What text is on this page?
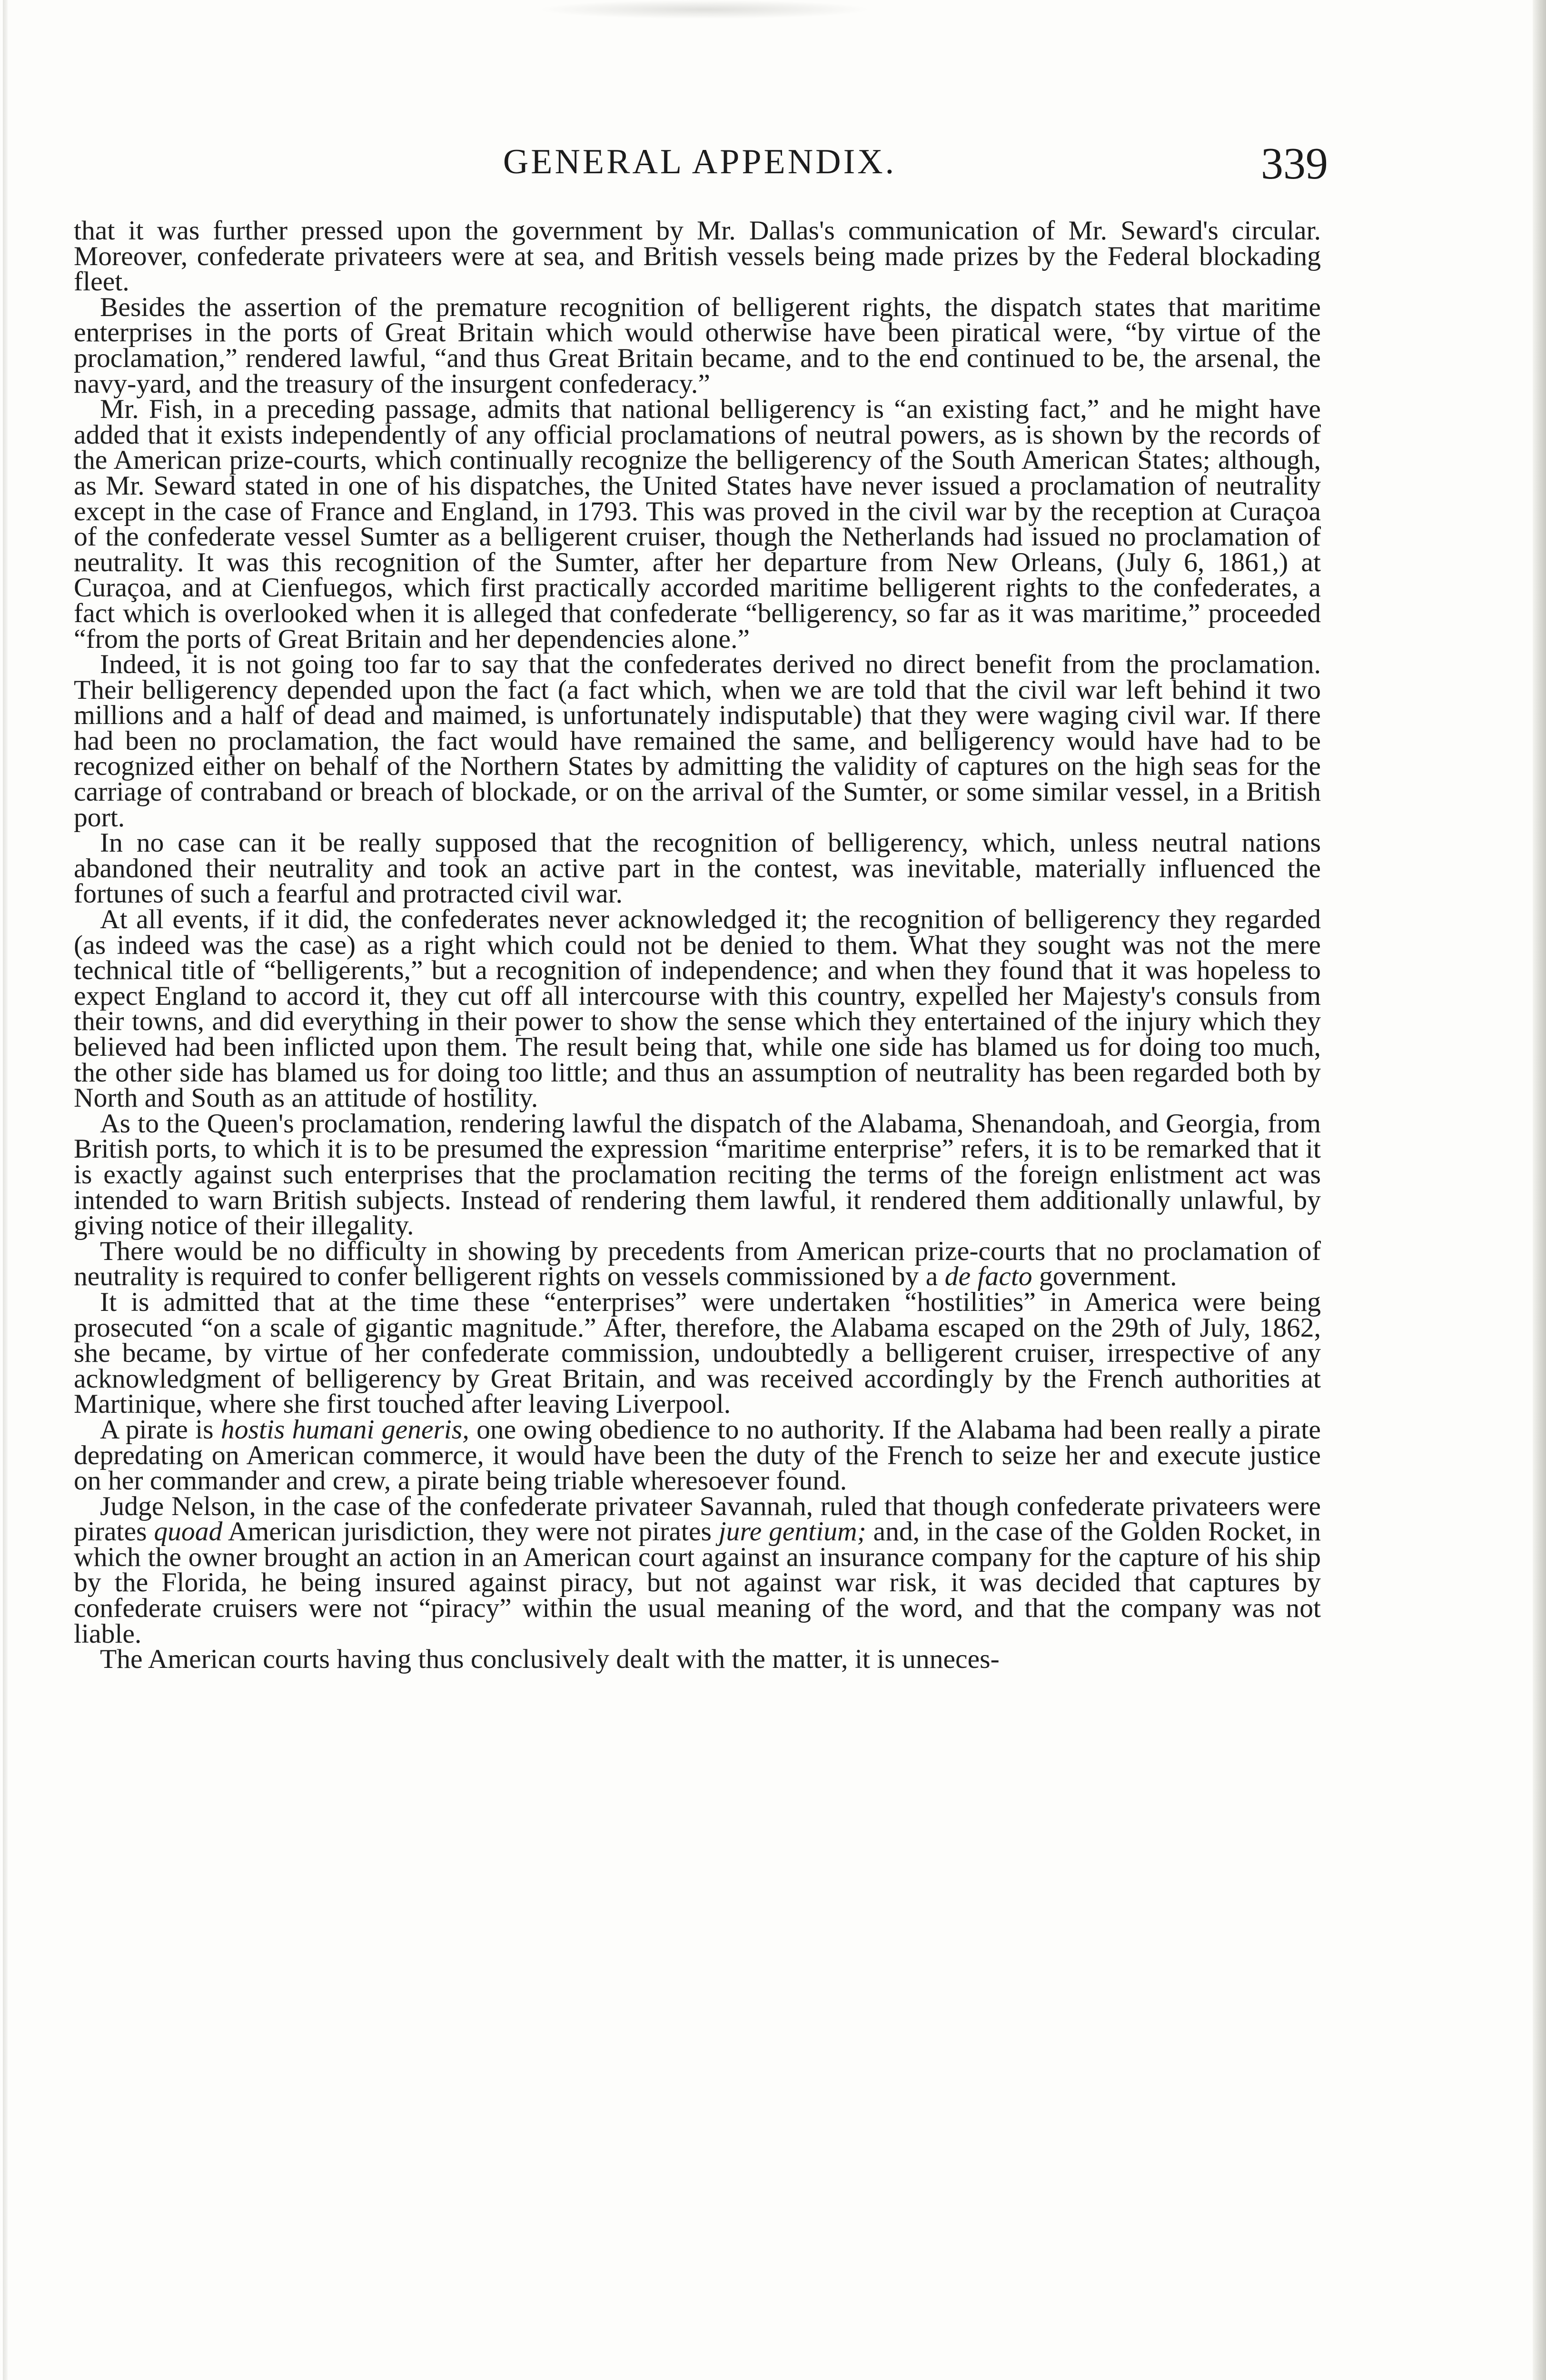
GENERAL APPENDIX.	339

that it was further pressed upon the government by Mr. Dallas's communication of Mr. Seward's circular. Moreover, confederate privateers were at sea, and British vessels being made prizes by the Federal blockading fleet.

Besides the assertion of the premature recognition of belligerent rights, the dispatch states that maritime enterprises in the ports of Great Britain which would otherwise have been piratical were, “by virtue of the proclamation,” rendered lawful, “and thus Great Britain became, and to the end continued to be, the arsenal, the navy-yard, and the treasury of the insurgent confederacy.”

Mr. Fish, in a preceding passage, admits that national belligerency is “an existing fact,” and he might have added that it exists independently of any official proclamations of neutral powers, as is shown by the records of the American prize-courts, which continually recognize the belligerency of the South American States; although, as Mr. Seward stated in one of his dispatches, the United States have never issued a proclamation of neutrality except in the case of France and England, in 1793. This was proved in the civil war by the reception at Curaçoa of the confederate vessel Sumter as a belligerent cruiser, though the Netherlands had issued no proclamation of neutrality. It was this recognition of the Sumter, after her departure from New Orleans, (July 6, 1861,) at Curaçoa, and at Cienfuegos, which first practically accorded maritime belligerent rights to the confederates, a fact which is overlooked when it is alleged that confederate “belligerency, so far as it was maritime,” proceeded “from the ports of Great Britain and her dependencies alone.”

Indeed, it is not going too far to say that the confederates derived no direct benefit from the proclamation. Their belligerency depended upon the fact (a fact which, when we are told that the civil war left behind it two millions and a half of dead and maimed, is unfortunately indisputable) that they were waging civil war. If there had been no proclamation, the fact would have remained the same, and belligerency would have had to be recognized either on behalf of the Northern States by admitting the validity of captures on the high seas for the carriage of contraband or breach of blockade, or on the arrival of the Sumter, or some similar vessel, in a British port.

In no case can it be really supposed that the recognition of belligerency, which, unless neutral nations abandoned their neutrality and took an active part in the contest, was inevitable, materially influenced the fortunes of such a fearful and protracted civil war.

At all events, if it did, the confederates never acknowledged it; the recognition of belligerency they regarded (as indeed was the case) as a right which could not be denied to them. What they sought was not the mere technical title of “belligerents,” but a recognition of independence; and when they found that it was hopeless to expect England to accord it, they cut off all intercourse with this country, expelled her Majesty's consuls from their towns, and did everything in their power to show the sense which they entertained of the injury which they believed had been inflicted upon them. The result being that, while one side has blamed us for doing too much, the other side has blamed us for doing too little; and thus an assumption of neutrality has been regarded both by North and South as an attitude of hostility.

As to the Queen's proclamation, rendering lawful the dispatch of the Alabama, Shenandoah, and Georgia, from British ports, to which it is to be presumed the expression “maritime enterprise” refers, it is to be remarked that it is exactly against such enterprises that the proclamation reciting the terms of the foreign enlistment act was intended to warn British subjects. Instead of rendering them lawful, it rendered them additionally unlawful, by giving notice of their illegality.

There would be no difficulty in showing by precedents from American prize-courts that no proclamation of neutrality is required to confer belligerent rights on vessels commissioned by a de facto government.

It is admitted that at the time these “enterprises” were undertaken “hostilities” in America were being prosecuted “on a scale of gigantic magnitude.” After, therefore, the Alabama escaped on the 29th of July, 1862, she became, by virtue of her confederate commission, undoubtedly a belligerent cruiser, irrespective of any acknowledgment of belligerency by Great Britain, and was received accordingly by the French authorities at Martinique, where she first touched after leaving Liverpool.

A pirate is hostis humani generis, one owing obedience to no authority. If the Alabama had been really a pirate depredating on American commerce, it would have been the duty of the French to seize her and execute justice on her commander and crew, a pirate being triable wheresoever found.

Judge Nelson, in the case of the confederate privateer Savannah, ruled that though confederate privateers were pirates quoad American jurisdiction, they were not pirates jure gentium; and, in the case of the Golden Rocket, in which the owner brought an action in an American court against an insurance company for the capture of his ship by the Florida, he being insured against piracy, but not against war risk, it was decided that captures by confederate cruisers were not “piracy” within the usual meaning of the word, and that the company was not liable.

The American courts having thus conclusively dealt with the matter, it is unneces-
